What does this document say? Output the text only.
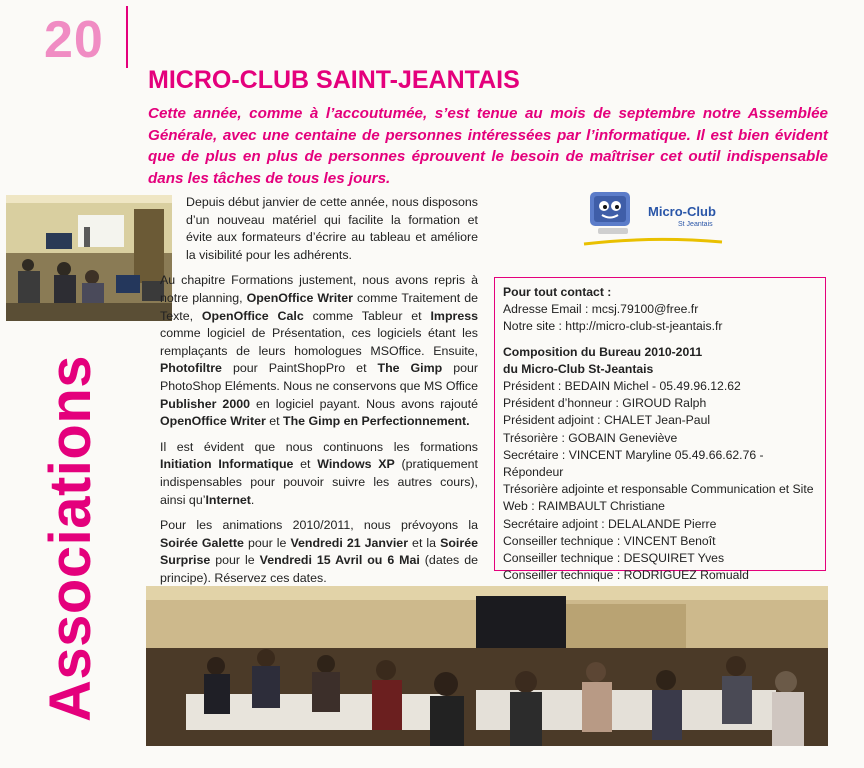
20
Associations
MICRO-CLUB SAINT-JEANTAIS
Cette année, comme à l’accoutumée, s’est tenue au mois de septembre notre Assemblée Générale, avec une centaine de personnes intéressées par l’informatique. Il est bien évident que de plus en plus de personnes éprouvent le besoin de maîtriser cet outil indispensable dans les tâches de tous les jours.

Depuis début janvier de cette année, nous disposons d’un nouveau matériel qui facilite la formation et évite aux formateurs d’écrire au tableau et améliore la visibilité pour les adhérents.

Au chapitre Formations justement, nous avons repris à notre planning, OpenOffice Writer comme Traitement de Texte, OpenOffice Calc comme Tableur et Impress comme logiciel de Présentation, ces logiciels étant les remplaçants de leurs homologues MSOffice. Ensuite, Photofiltre pour PaintShopPro et The Gimp pour PhotoShop Eléments. Nous ne conservons que MS Office Publisher 2000 en logiciel payant. Nous avons rajouté OpenOffice Writer et The Gimp en Perfectionnement.

Il est évident que nous continuons les formations Initiation Informatique et Windows XP (pratiquement indispensables pour pouvoir suivre les autres cours), ainsi qu’Internet.

Pour les animations 2010/2011, nous prévoyons la Soirée Galette pour le Vendredi 21 Janvier et la Soirée Surprise pour le Vendredi 15 Avril ou 6 Mai (dates de principe). Réservez ces dates.

Micro-Club
St Jeantais
Pour tout contact :
Adresse Email : mcsj.79100@free.fr
Notre site : http://micro-club-st-jeantais.fr
Composition du Bureau 2010-2011
du Micro-Club St-Jeantais
Président : BEDAIN Michel - 05.49.96.12.62
Président d’honneur : GIROUD Ralph
Président adjoint : CHALET Jean-Paul
Trésorière : GOBAIN Geneviève
Secrétaire : VINCENT Maryline 05.49.66.62.76 - Répondeur
Trésorière adjointe et responsable Communication et Site
Web : RAIMBAULT Christiane
Secrétaire adjoint : DELALANDE Pierre
Conseiller technique : VINCENT Benoît
Conseiller technique : DESQUIRET Yves
Conseiller technique : RODRIGUEZ Romuald
